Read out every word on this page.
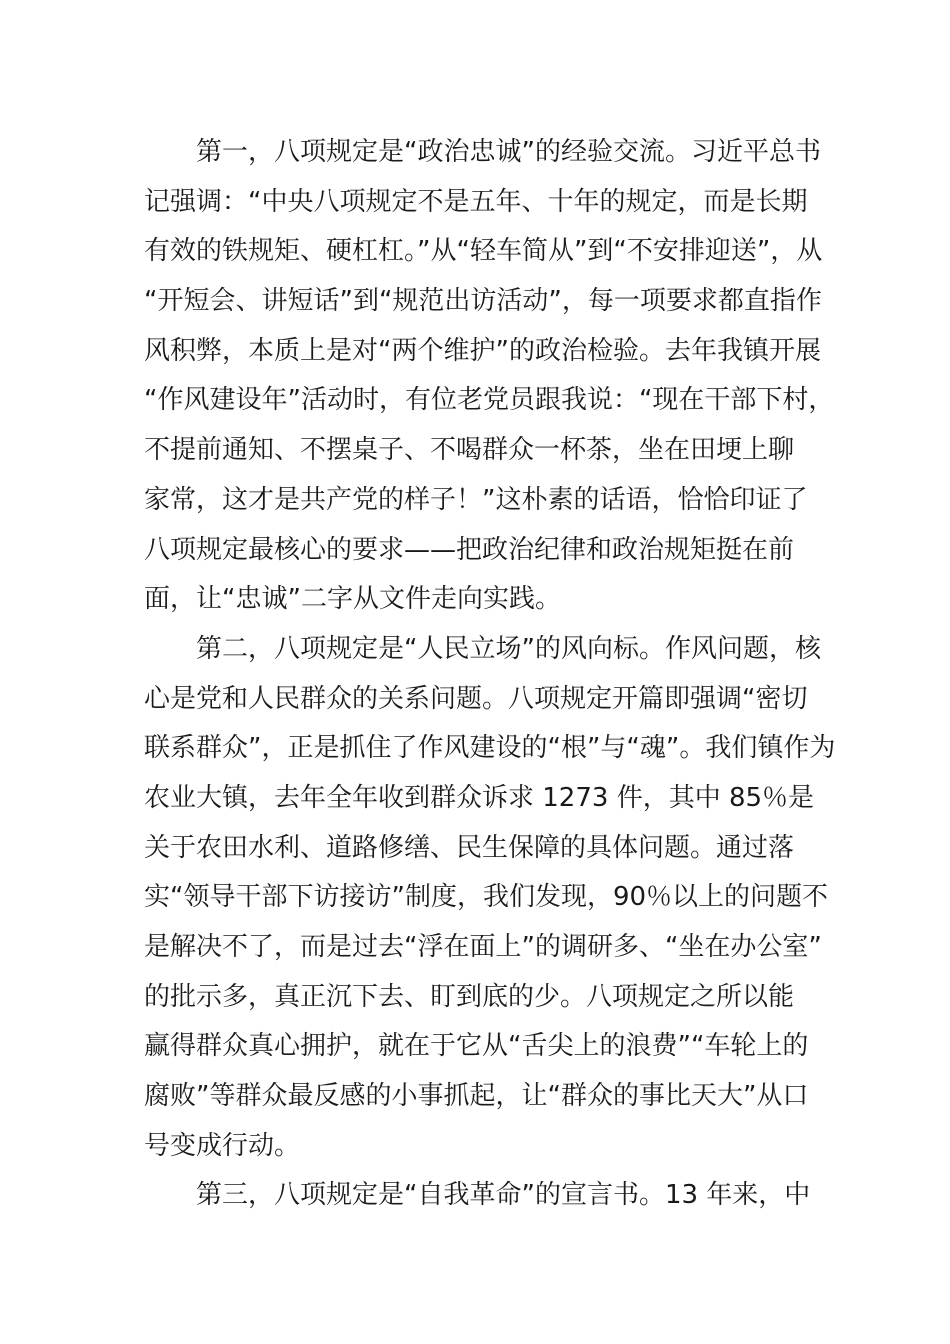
第一，八项规定是“政治忠诚”的经验交流。习近平总书
记强调：“中央八项规定不是五年、十年的规定，而是长期
有效的铁规矩、硬杠杠。”从“轻车简从”到“不安排迎送”，从
“开短会、讲短话”到“规范出访活动”，每一项要求都直指作
风积弊，本质上是对“两个维护”的政治检验。去年我镇开展
“作风建设年”活动时，有位老党员跟我说：“现在干部下村，
不提前通知、不摆桌子、不喝群众一杯茶，坐在田埂上聊
家常，这才是共产党的样子！”这朴素的话语，恰恰印证了
八项规定最核心的要求——把政治纪律和政治规矩挺在前
面，让“忠诚”二字从文件走向实践。
第二，八项规定是“人民立场”的风向标。作风问题，核
心是党和人民群众的关系问题。八项规定开篇即强调“密切
联系群众”，正是抓住了作风建设的“根”与“魂”。我们镇作为
农业大镇，去年全年收到群众诉求 1273 件，其中 85％是
关于农田水利、道路修缮、民生保障的具体问题。通过落
实“领导干部下访接访”制度，我们发现，90％以上的问题不
是解决不了，而是过去“浮在面上”的调研多、“坐在办公室”
的批示多，真正沉下去、盯到底的少。八项规定之所以能
赢得群众真心拥护，就在于它从“舌尖上的浪费”“车轮上的
腐败”等群众最反感的小事抓起，让“群众的事比天大”从口
号变成行动。
第三，八项规定是“自我革命”的宣言书。13 年来，中
